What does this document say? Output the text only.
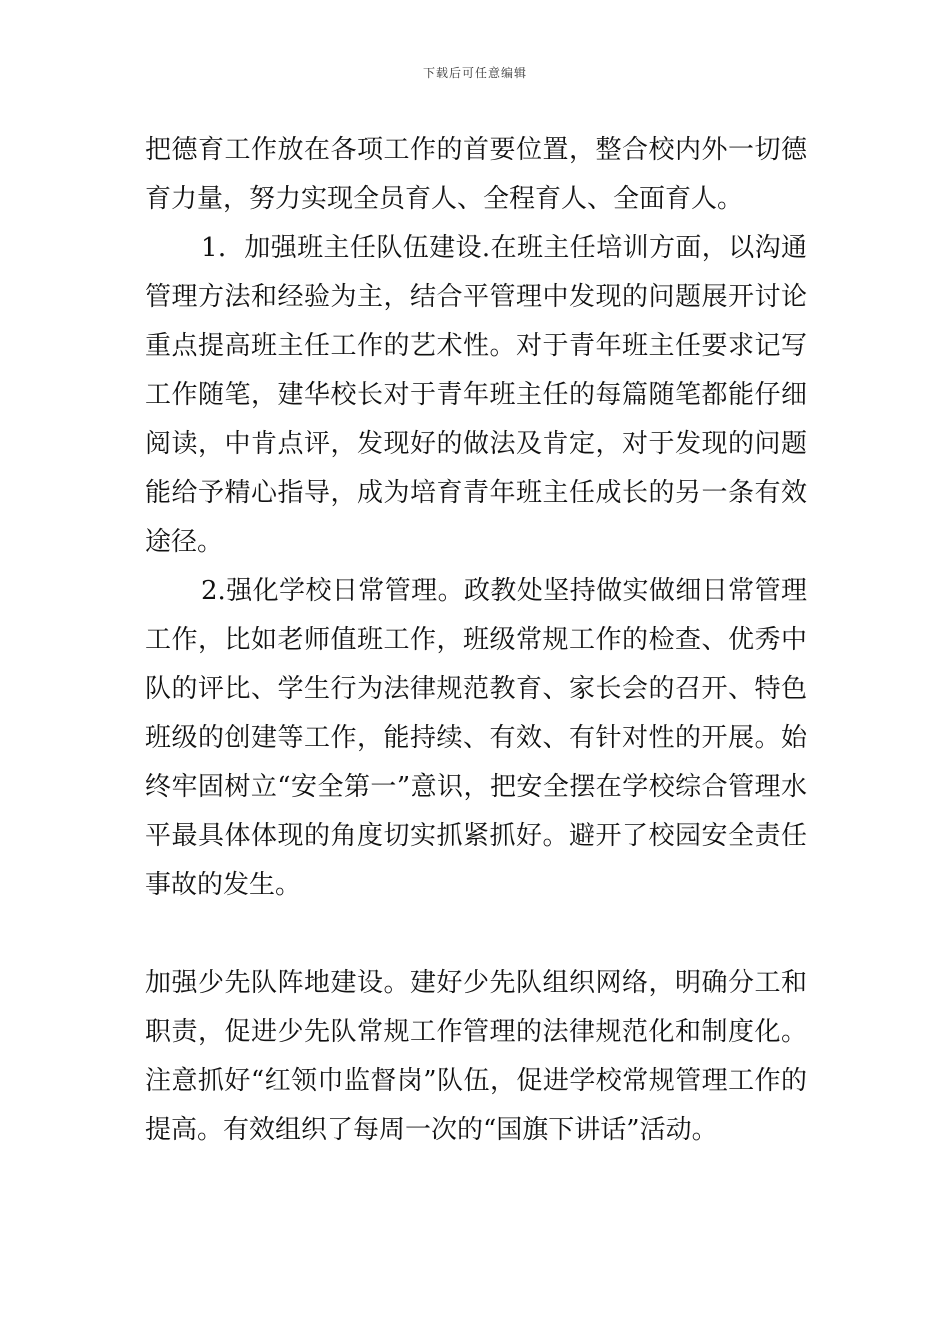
下载后可任意编辑

把德育工作放在各项工作的首要位置，整合校内外一切德育力量，努力实现全员育人、全程育人、全面育人。

1．加强班主任队伍建设.在班主任培训方面，以沟通管理方法和经验为主，结合平管理中发现的问题展开讨论重点提高班主任工作的艺术性。对于青年班主任要求记写工作随笔，建华校长对于青年班主任的每篇随笔都能仔细阅读，中肯点评，发现好的做法及肯定，对于发现的问题能给予精心指导，成为培育青年班主任成长的另一条有效途径。

2.强化学校日常管理。政教处坚持做实做细日常管理工作，比如老师值班工作，班级常规工作的检查、优秀中队的评比、学生行为法律规范教育、家长会的召开、特色班级的创建等工作，能持续、有效、有针对性的开展。始终牢固树立“安全第一”意识，把安全摆在学校综合管理水平最具体体现的角度切实抓紧抓好。避开了校园安全责任事故的发生。

加强少先队阵地建设。建好少先队组织网络，明确分工和职责，促进少先队常规工作管理的法律规范化和制度化。注意抓好“红领巾监督岗”队伍，促进学校常规管理工作的提高。有效组织了每周一次的“国旗下讲话”活动。
